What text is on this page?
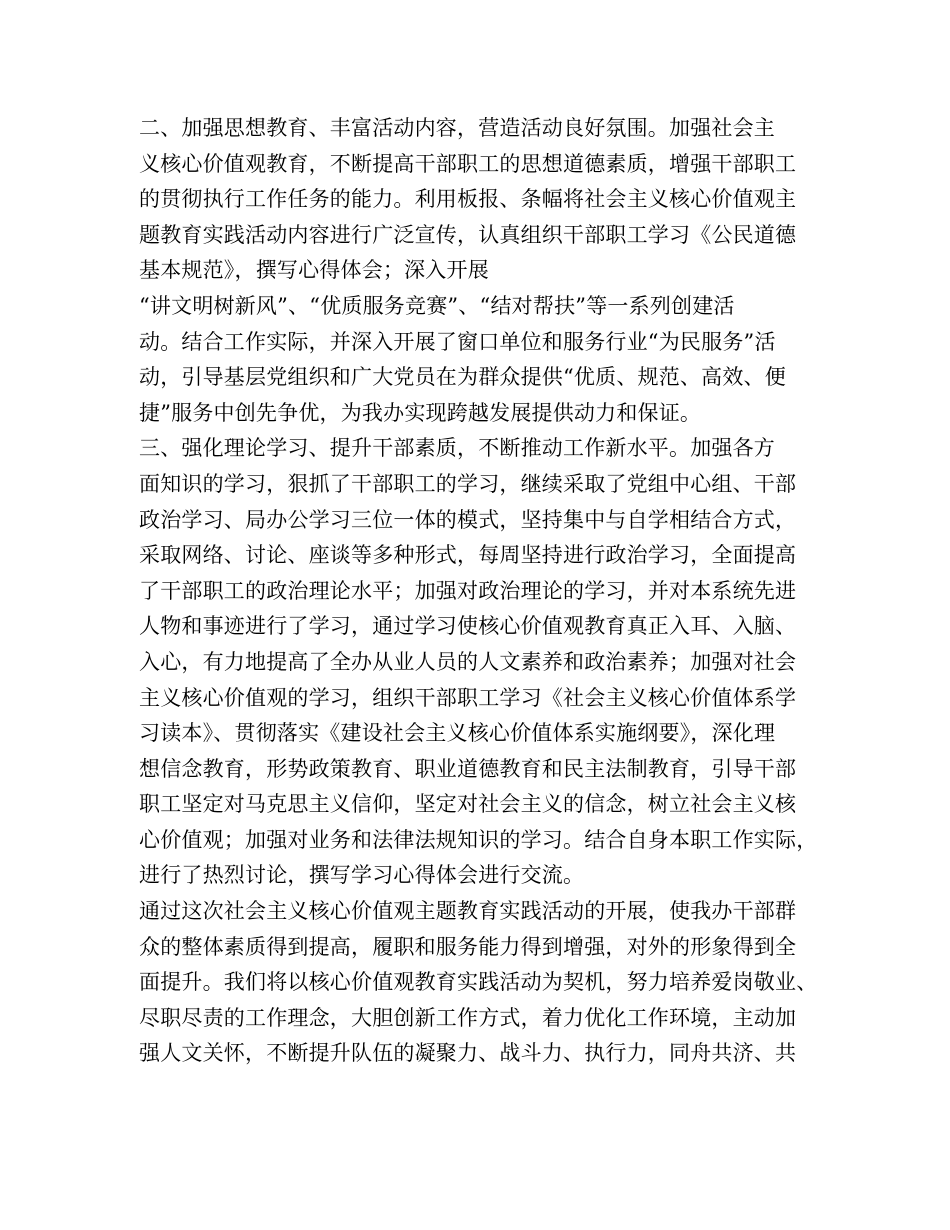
二、加强思想教育、丰富活动内容，营造活动良好氛围。加强社会主
义核心价值观教育，不断提高干部职工的思想道德素质，增强干部职工
的贯彻执行工作任务的能力。利用板报、条幅将社会主义核心价值观主
题教育实践活动内容进行广泛宣传，认真组织干部职工学习《公民道德
基本规范》，撰写心得体会；深入开展
“讲文明树新风”、“优质服务竞赛”、“结对帮扶”等一系列创建活
动。结合工作实际，并深入开展了窗口单位和服务行业“为民服务”活
动，引导基层党组织和广大党员在为群众提供“优质、规范、高效、便
捷”服务中创先争优，为我办实现跨越发展提供动力和保证。
三、强化理论学习、提升干部素质，不断推动工作新水平。加强各方
面知识的学习，狠抓了干部职工的学习，继续采取了党组中心组、干部
政治学习、局办公学习三位一体的模式，坚持集中与自学相结合方式，
采取网络、讨论、座谈等多种形式，每周坚持进行政治学习，全面提高
了干部职工的政治理论水平；加强对政治理论的学习，并对本系统先进
人物和事迹进行了学习，通过学习使核心价值观教育真正入耳、入脑、
入心，有力地提高了全办从业人员的人文素养和政治素养；加强对社会
主义核心价值观的学习，组织干部职工学习《社会主义核心价值体系学
习读本》、贯彻落实《建设社会主义核心价值体系实施纲要》，深化理
想信念教育，形势政策教育、职业道德教育和民主法制教育，引导干部
职工坚定对马克思主义信仰，坚定对社会主义的信念，树立社会主义核
心价值观；加强对业务和法律法规知识的学习。结合自身本职工作实际，
进行了热烈讨论，撰写学习心得体会进行交流。
通过这次社会主义核心价值观主题教育实践活动的开展，使我办干部群
众的整体素质得到提高，履职和服务能力得到增强，对外的形象得到全
面提升。我们将以核心价值观教育实践活动为契机，努力培养爱岗敬业、
尽职尽责的工作理念，大胆创新工作方式，着力优化工作环境，主动加
强人文关怀，不断提升队伍的凝聚力、战斗力、执行力，同舟共济、共
